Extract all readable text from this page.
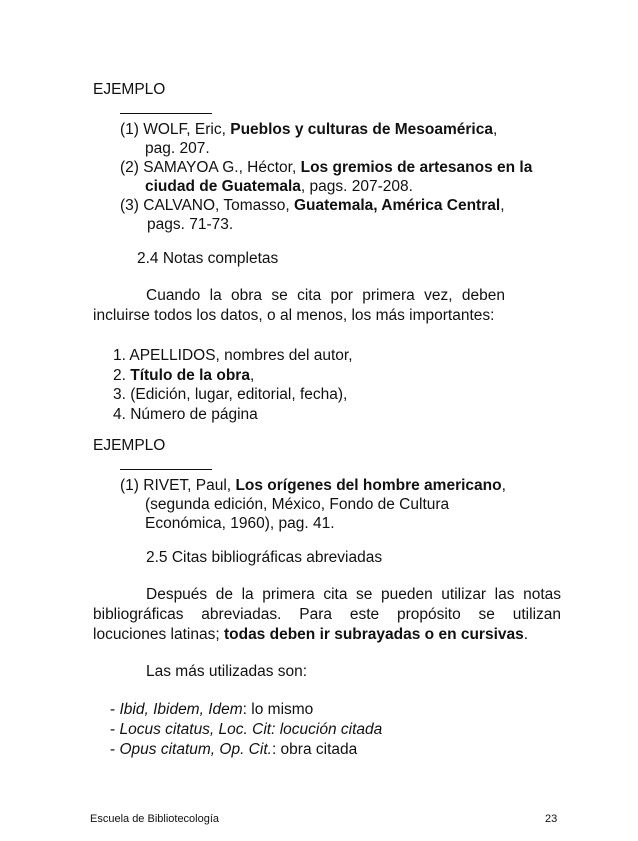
EJEMPLO
(1) WOLF, Eric, Pueblos y culturas de Mesoamérica,
pag. 207.
(2) SAMAYOA G., Héctor, Los gremios de artesanos en la
ciudad de Guatemala, pags. 207-208.
(3) CALVANO, Tomasso, Guatemala, América Central,
pags. 71-73.
2.4 Notas completas
Cuando la obra se cita por primera vez, deben
incluirse todos los datos, o al menos, los más importantes:
1. APELLIDOS, nombres del autor,
2. Título de la obra,
3. (Edición, lugar, editorial, fecha),
4. Número de página
EJEMPLO
(1) RIVET, Paul, Los orígenes del hombre americano,
(segunda edición, México, Fondo de Cultura
Económica, 1960), pag. 41.
2.5 Citas bibliográficas abreviadas
Después de la primera cita se pueden utilizar las notas
bibliográficas abreviadas. Para este propósito se utilizan
locuciones latinas; todas deben ir subrayadas o en cursivas.
Las más utilizadas son:
- Ibid, Ibidem, Idem: lo mismo
- Locus citatus, Loc. Cit: locución citada
- Opus citatum, Op. Cit.: obra citada
Escuela de Bibliotecología	23
